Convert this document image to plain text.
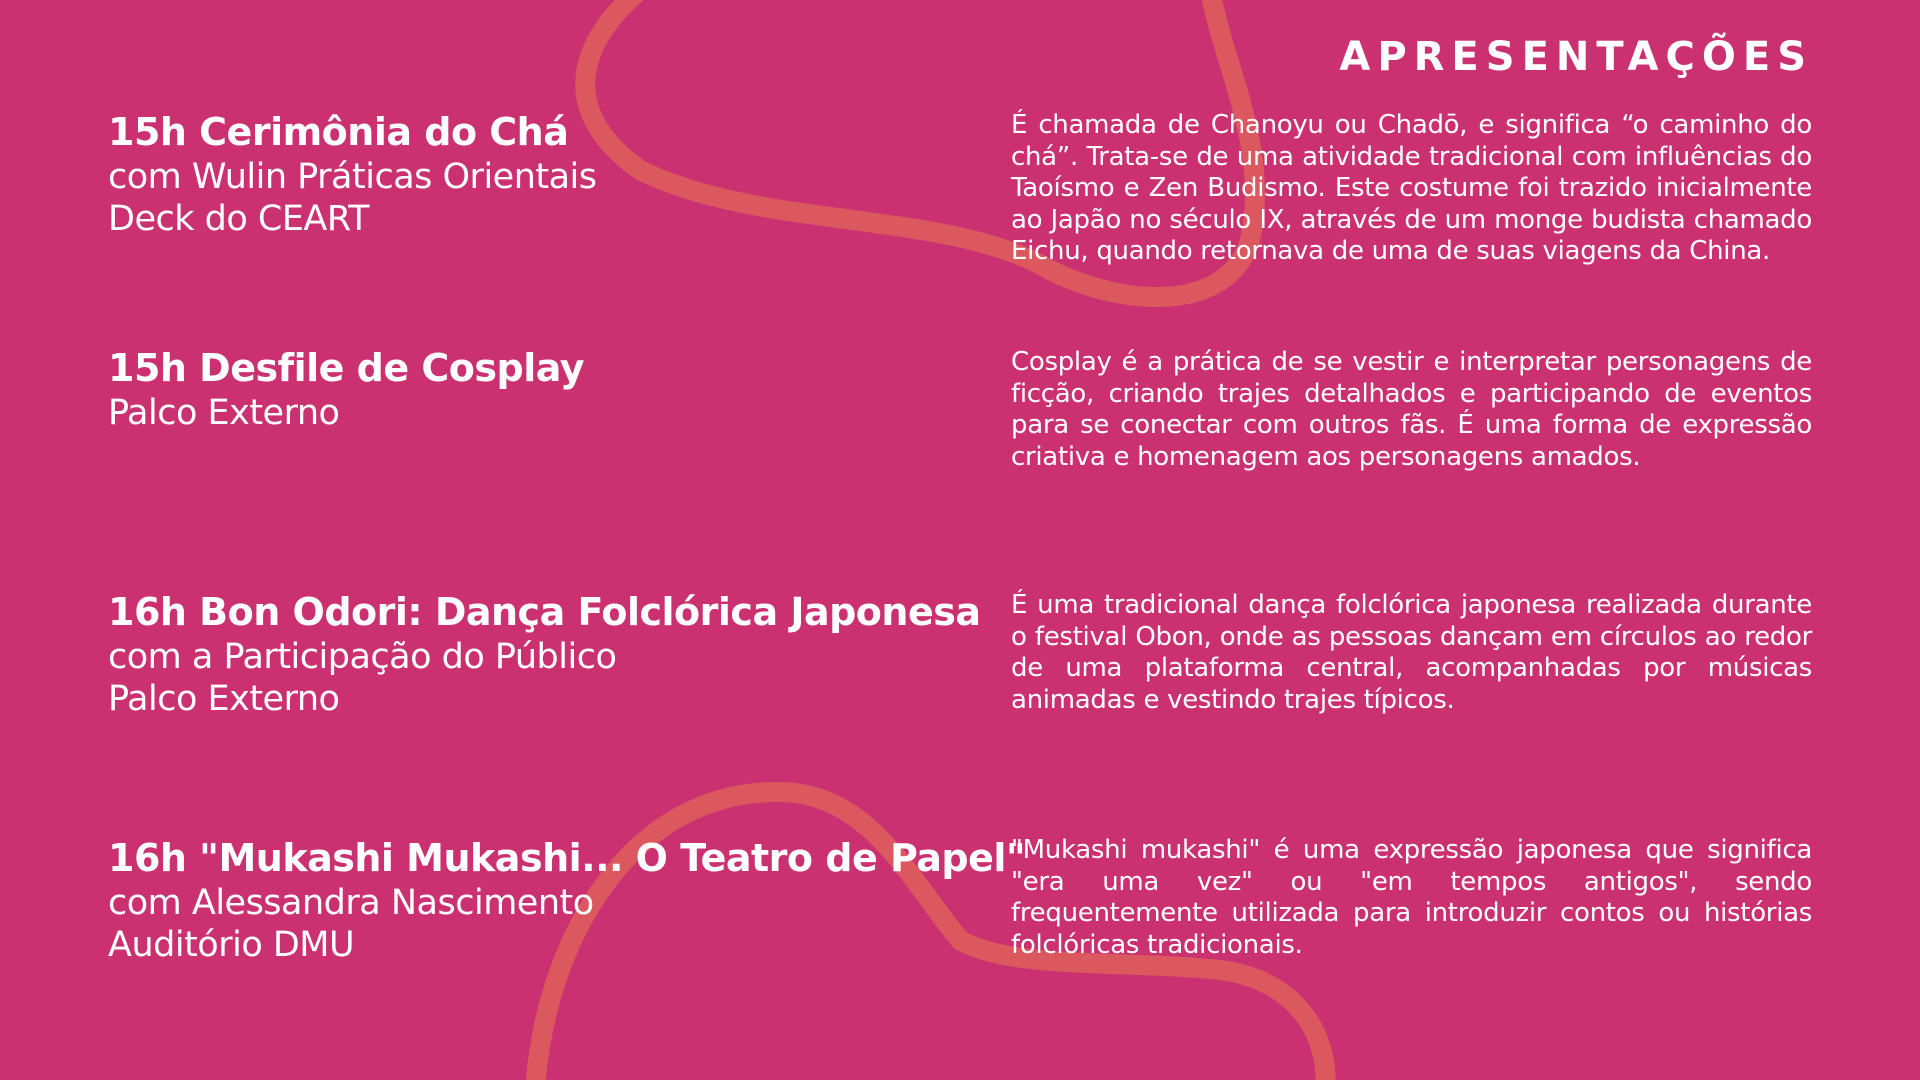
APRESENTAÇÕES
15h Cerimônia do Chá
com Wulin Práticas Orientais
Deck do CEART

É chamada de Chanoyu ou Chadō, e significa “o caminho do chá”. Trata-se de uma atividade tradicional com influências do Taoísmo e Zen Budismo. Este costume foi trazido inicialmente ao Japão no século IX, através de um monge budista chamado Eichu, quando retornava de uma de suas viagens da China.

15h Desfile de Cosplay
Palco Externo

Cosplay é a prática de se vestir e interpretar personagens de ficção, criando trajes detalhados e participando de eventos para se conectar com outros fãs. É uma forma de expressão criativa e homenagem aos personagens amados.

16h Bon Odori: Dança Folclórica Japonesa
com a Participação do Público
Palco Externo

É uma tradicional dança folclórica japonesa realizada durante o festival Obon, onde as pessoas dançam em círculos ao redor de uma plataforma central, acompanhadas por músicas animadas e vestindo trajes típicos.

16h "Mukashi Mukashi... O Teatro de Papel"
com Alessandra Nascimento
Auditório DMU

"Mukashi mukashi" é uma expressão japonesa que significa "era uma vez" ou "em tempos antigos", sendo frequentemente utilizada para introduzir contos ou histórias folclóricas tradicionais.
